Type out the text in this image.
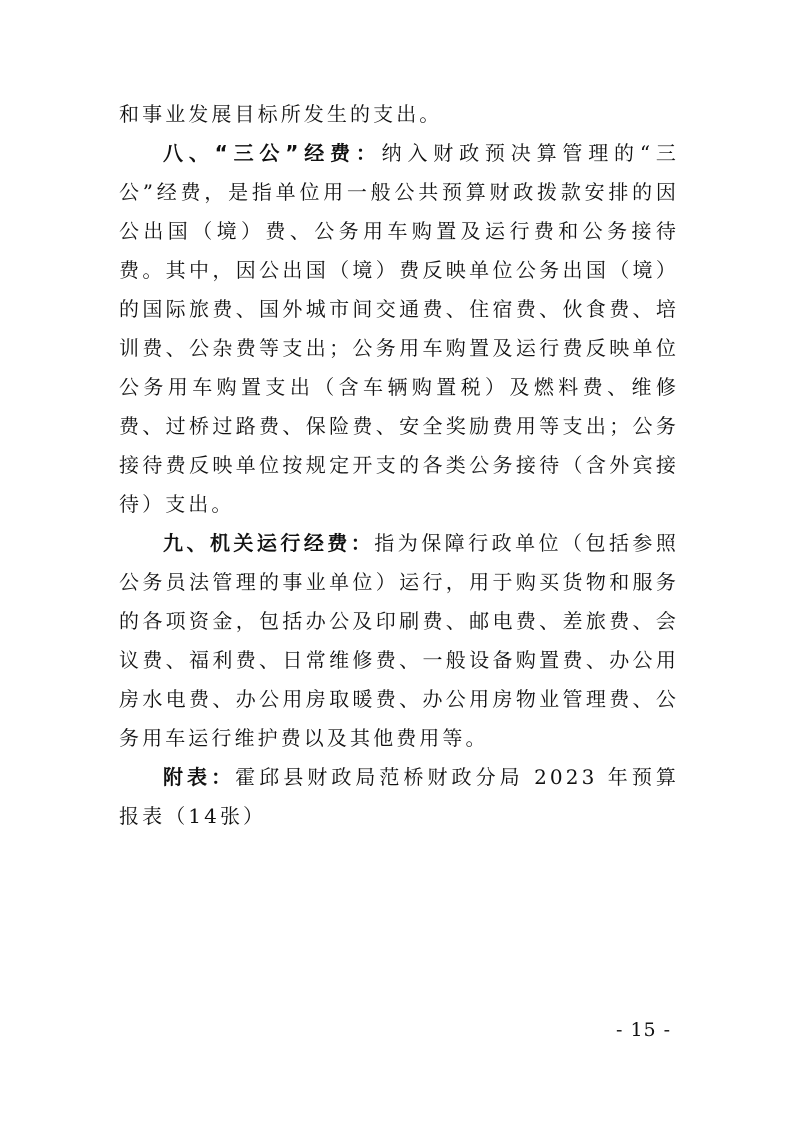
和事业发展目标所发生的支出。

八、“三公”经费：纳入财政预决算管理的“三公”经费，是指单位用一般公共预算财政拨款安排的因公出国（境）费、公务用车购置及运行费和公务接待费。其中，因公出国（境）费反映单位公务出国（境）的国际旅费、国外城市间交通费、住宿费、伙食费、培训费、公杂费等支出；公务用车购置及运行费反映单位公务用车购置支出（含车辆购置税）及燃料费、维修费、过桥过路费、保险费、安全奖励费用等支出；公务接待费反映单位按规定开支的各类公务接待（含外宾接待）支出。

九、机关运行经费：指为保障行政单位（包括参照公务员法管理的事业单位）运行，用于购买货物和服务的各项资金，包括办公及印刷费、邮电费、差旅费、会议费、福利费、日常维修费、一般设备购置费、办公用房水电费、办公用房取暖费、办公用房物业管理费、公务用车运行维护费以及其他费用等。

附表：霍邱县财政局范桥财政分局 2023 年预算报表（14张）

- 15 -
